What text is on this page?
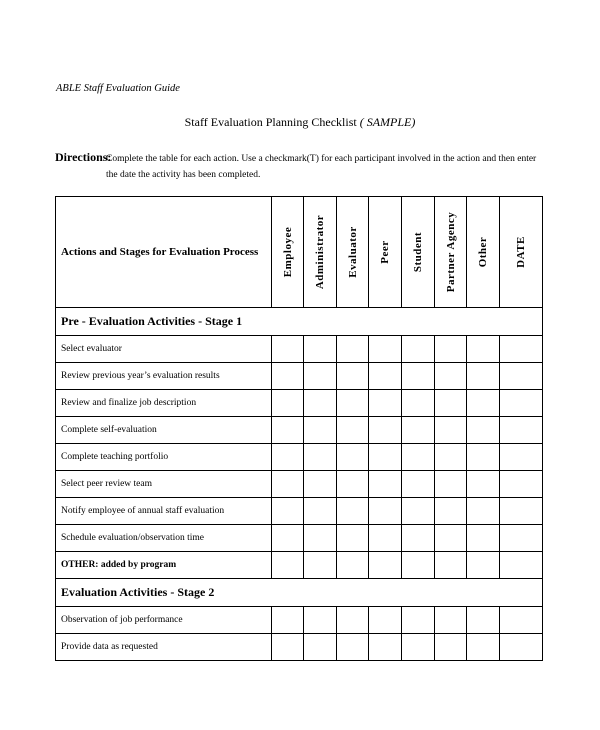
ABLE Staff Evaluation Guide
Staff Evaluation Planning Checklist ( SAMPLE)
Directions:
Complete the table for each action. Use a checkmark(T) for each participant involved in the action and then enter the date the activity has been completed.
Actions and Stages for Evaluation Process	Employee	Administrator	Evaluator	Peer	Student	Partner Agency	Other	DATE

Pre - Evaluation Activities - Stage 1								
Select evaluator								
Review previous year’s evaluation results								
Review and finalize job description								
Complete self-evaluation								
Complete teaching portfolio								
Select peer review team								
Notify employee of annual staff evaluation								
Schedule evaluation/observation time								
OTHER: added by program								
Evaluation Activities - Stage 2								
Observation of job performance								
Provide data as requested								
